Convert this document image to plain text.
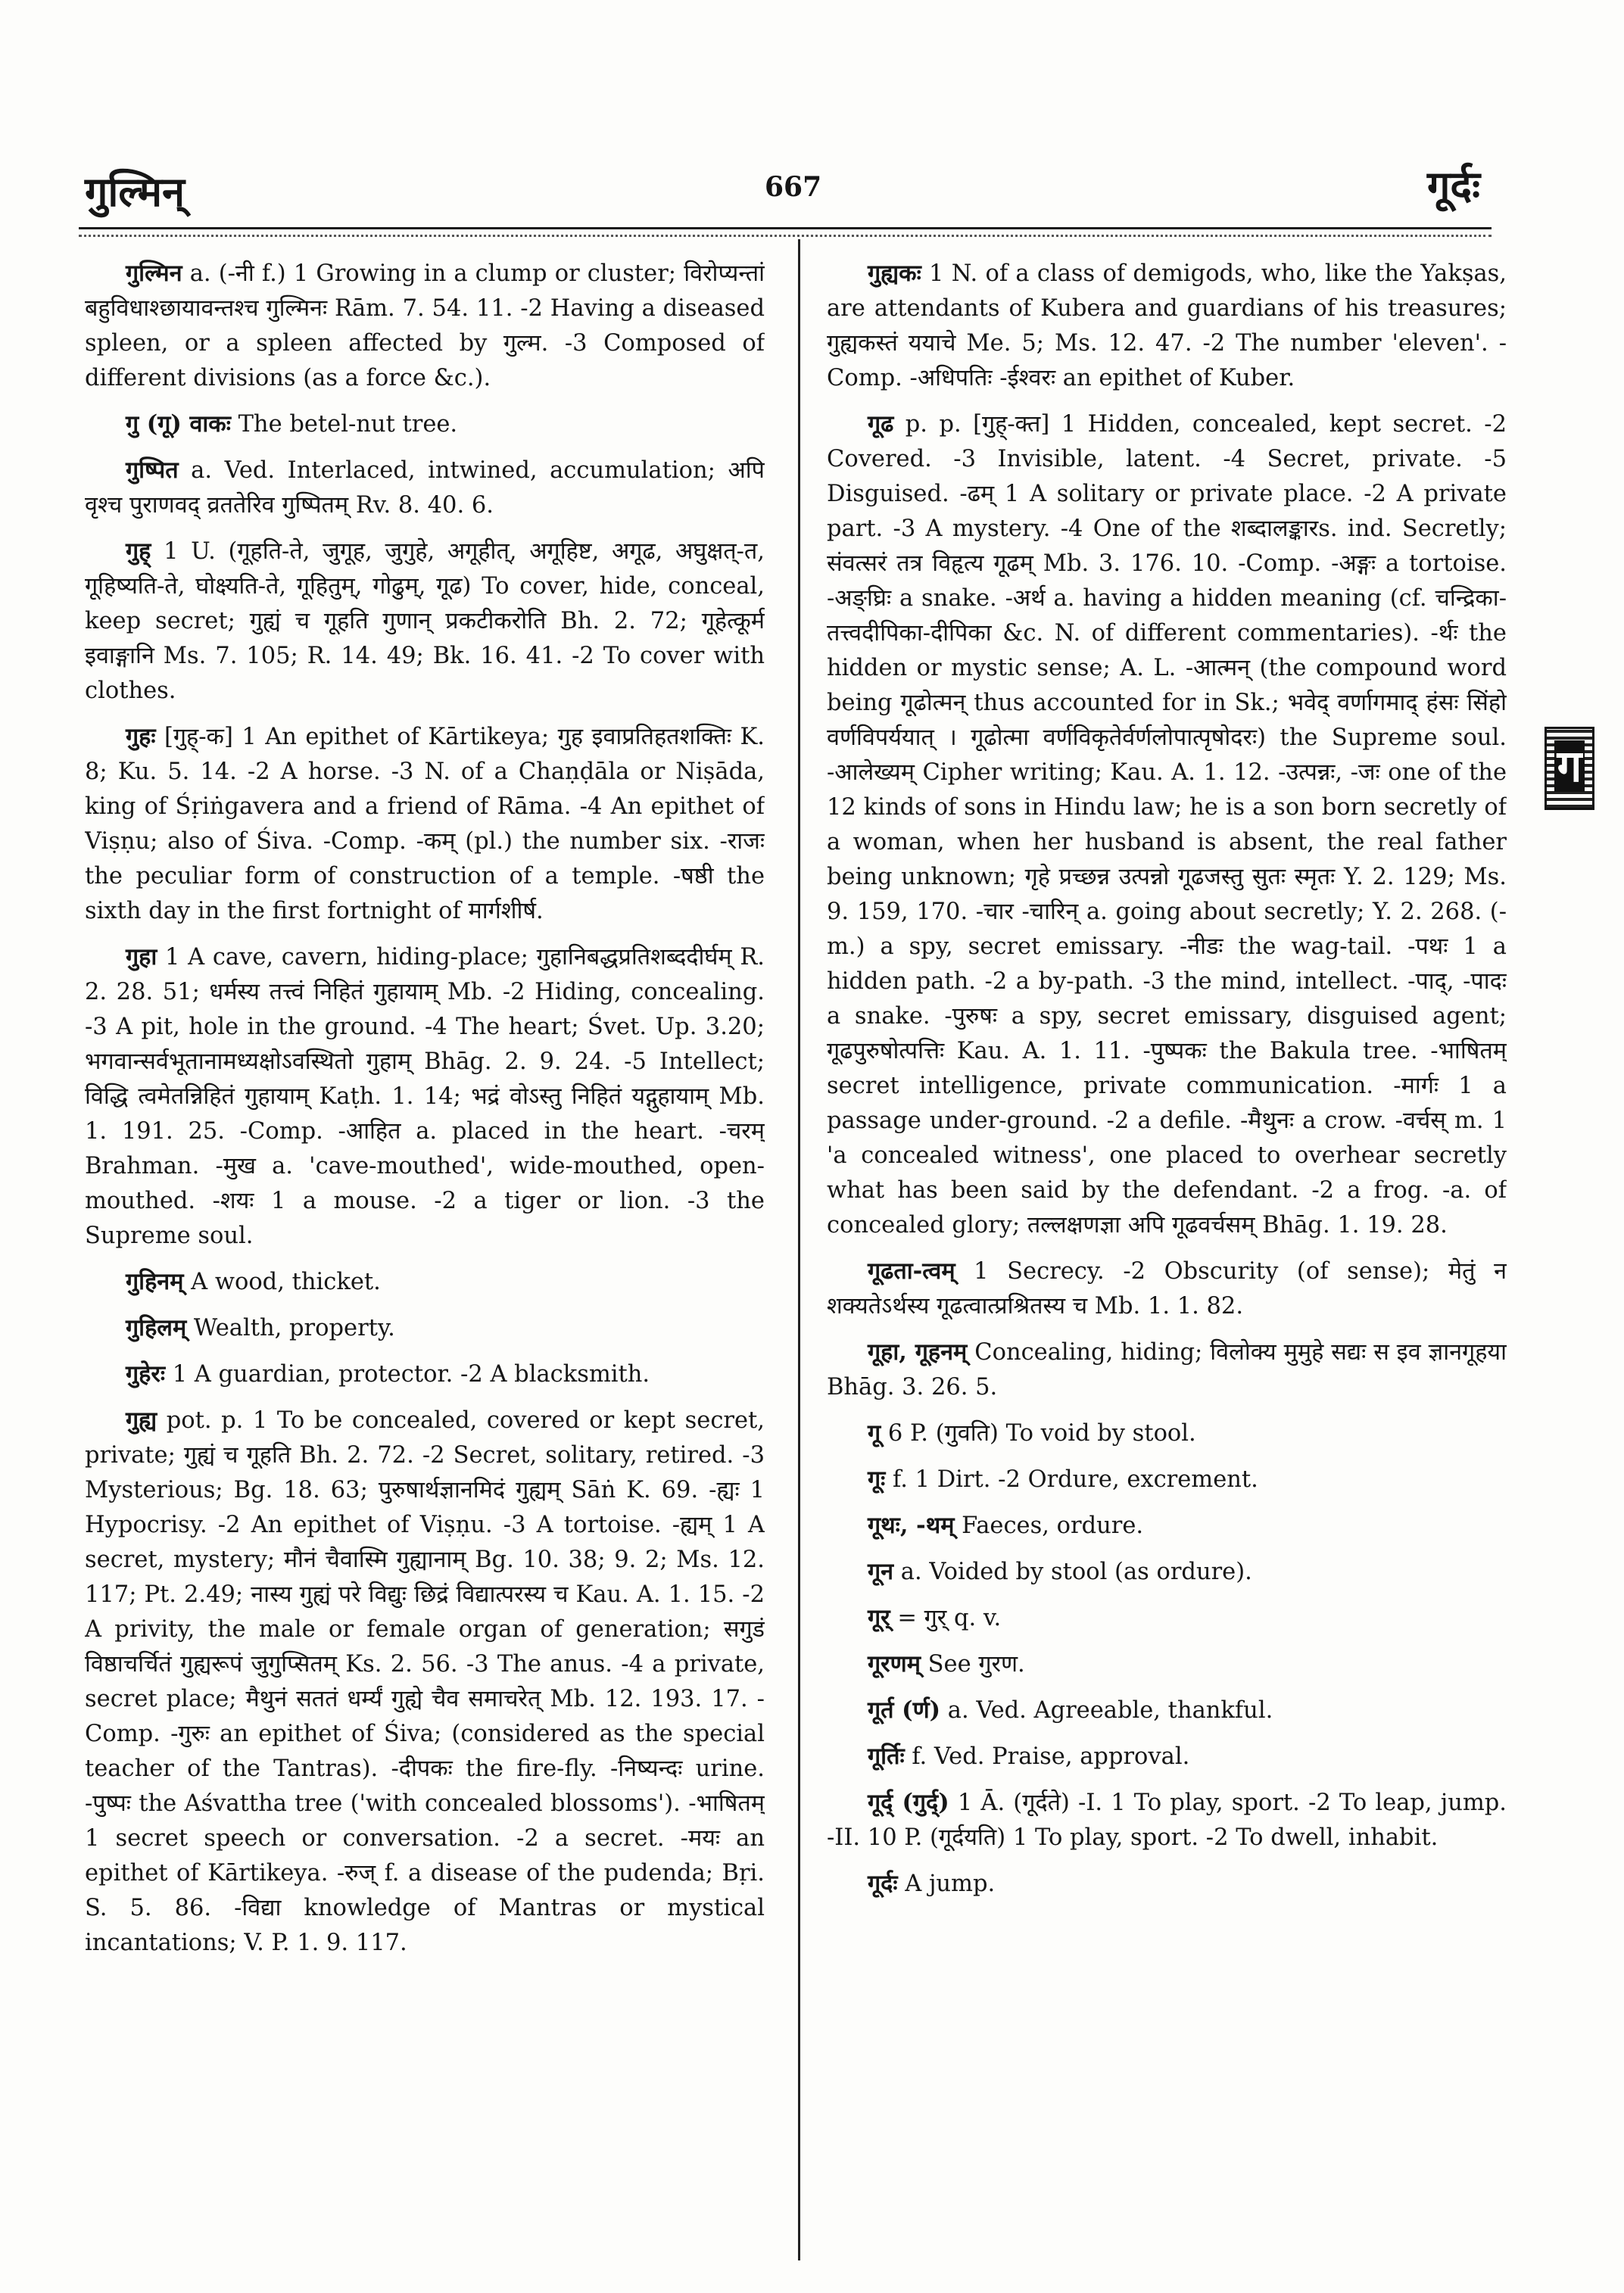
गुल्मिन्	667	गूर्दः

गुल्मिन a. (-नी f.) 1 Growing in a clump or cluster; विरोप्यन्तां बहुविधाश्छायावन्तश्च गुल्मिनः Rām. 7. 54. 11. -2 Having a diseased spleen, or a spleen affected by गुल्म. -3 Composed of different divisions (as a force &c.).

गु (गू) वाकः The betel-nut tree.

गुष्पित a. Ved. Interlaced, intwined, accumulation; अपि वृश्च पुराणवद् व्रततेरिव गुष्पितम् Rv. 8. 40. 6.

गुह् 1 U. (गूहति-ते, जुगूह, जुगुहे, अगूहीत्, अगूहिष्ट, अगूढ, अघुक्षत्-त, गूहिष्यति-ते, घोक्ष्यति-ते, गूहितुम्, गोढुम्, गूढ) To cover, hide, conceal, keep secret; गुह्यं च गूहति गुणान् प्रकटीकरोति Bh. 2. 72; गूहेत्कूर्म इवाङ्गानि Ms. 7. 105; R. 14. 49; Bk. 16. 41. -2 To cover with clothes.

गुहः [गुह्-क] 1 An epithet of Kārtikeya; गुह इवाप्रतिहतशक्तिः K. 8; Ku. 5. 14. -2 A horse. -3 N. of a Chaṇḍāla or Niṣāda, king of Śṛiṅgavera and a friend of Rāma. -4 An epithet of Viṣṇu; also of Śiva. -Comp. -कम् (pl.) the number six. -राजः the peculiar form of construction of a temple. -षष्ठी the sixth day in the first fortnight of मार्गशीर्ष.

गुहा 1 A cave, cavern, hiding-place; गुहानिबद्धप्रतिशब्ददीर्घम् R. 2. 28. 51; धर्मस्य तत्त्वं निहितं गुहायाम् Mb. -2 Hiding, concealing. -3 A pit, hole in the ground. -4 The heart; Śvet. Up. 3.20; भगवान्सर्वभूतानामध्यक्षोऽवस्थितो गुहाम् Bhāg. 2. 9. 24. -5 Intellect; विद्धि त्वमेतन्निहितं गुहायाम् Kaṭh. 1. 14; भद्रं वोऽस्तु निहितं यद्गुहायाम् Mb. 1. 191. 25. -Comp. -आहित a. placed in the heart. -चरम् Brahman. -मुख a. 'cave-mouthed', wide-mouthed, open-mouthed. -शयः 1 a mouse. -2 a tiger or lion. -3 the Supreme soul.

गुहिनम् A wood, thicket.

गुहिलम् Wealth, property.

गुहेरः 1 A guardian, protector. -2 A blacksmith.

गुह्य pot. p. 1 To be concealed, covered or kept secret, private; गुह्यं च गूहति Bh. 2. 72. -2 Secret, solitary, retired. -3 Mysterious; Bg. 18. 63; पुरुषार्थज्ञानमिदं गुह्यम् Sāṅ K. 69. -ह्यः 1 Hypocrisy. -2 An epithet of Viṣṇu. -3 A tortoise. -ह्यम् 1 A secret, mystery; मौनं चैवास्मि गुह्यानाम् Bg. 10. 38; 9. 2; Ms. 12. 117; Pt. 2.49; नास्य गुह्यं परे विद्युः छिद्रं विद्यात्परस्य च Kau. A. 1. 15. -2 A privity, the male or female organ of generation; सगुडं विष्ठाचर्चितं गुह्यरूपं जुगुप्सितम् Ks. 2. 56. -3 The anus. -4 a private, secret place; मैथुनं सततं धर्म्यं गुह्ये चैव समाचरेत् Mb. 12. 193. 17. -Comp. -गुरुः an epithet of Śiva; (considered as the special teacher of the Tantras). -दीपकः the fire-fly. -निष्यन्दः urine. -पुष्पः the Aśvattha tree ('with concealed blossoms'). -भाषितम् 1 secret speech or conversation. -2 a secret. -मयः an epithet of Kārtikeya. -रुज् f. a disease of the pudenda; Bṛi. S. 5. 86. -विद्या knowledge of Mantras or mystical incantations; V. P. 1. 9. 117.

गुह्यकः 1 N. of a class of demigods, who, like the Yakṣas, are attendants of Kubera and guardians of his treasures; गुह्यकस्तं ययाचे Me. 5; Ms. 12. 47. -2 The number 'eleven'. -Comp. -अधिपतिः -ईश्वरः an epithet of Kuber.

गूढ p. p. [गुह्-क्त] 1 Hidden, concealed, kept secret. -2 Covered. -3 Invisible, latent. -4 Secret, private. -5 Disguised. -ढम् 1 A solitary or private place. -2 A private part. -3 A mystery. -4 One of the शब्दालङ्कारs. ind. Secretly; संवत्सरं तत्र विहृत्य गूढम् Mb. 3. 176. 10. -Comp. -अङ्गः a tortoise. -अङ्घ्रिः a snake. -अर्थ a. having a hidden meaning (cf. चन्द्रिका-तत्त्वदीपिका-दीपिका &c. N. of different commentaries). -र्थः the hidden or mystic sense; A. L. -आत्मन् (the compound word being गूढोत्मन् thus accounted for in Sk.; भवेद् वर्णागमाद् हंसः सिंहो वर्णविपर्ययात् । गूढोत्मा वर्णविकृतेर्वर्णलोपात्पृषोदरः) the Supreme soul. -आलेख्यम् Cipher writing; Kau. A. 1. 12. -उत्पन्नः, -जः one of the 12 kinds of sons in Hindu law; he is a son born secretly of a woman, when her husband is absent, the real father being unknown; गृहे प्रच्छन्न उत्पन्नो गूढजस्तु सुतः स्मृतः Y. 2. 129; Ms. 9. 159, 170. -चार -चारिन् a. going about secretly; Y. 2. 268. (-m.) a spy, secret emissary. -नीडः the wag-tail. -पथः 1 a hidden path. -2 a by-path. -3 the mind, intellect. -पाद्, -पादः a snake. -पुरुषः a spy, secret emissary, disguised agent; गूढपुरुषोत्पत्तिः Kau. A. 1. 11. -पुष्पकः the Bakula tree. -भाषितम् secret intelligence, private communication. -मार्गः 1 a passage under-ground. -2 a defile. -मैथुनः a crow. -वर्चस् m. 1 'a concealed witness', one placed to overhear secretly what has been said by the defendant. -2 a frog. -a. of concealed glory; तल्लक्षणज्ञा अपि गूढवर्चसम् Bhāg. 1. 19. 28.

गूढता-त्वम् 1 Secrecy. -2 Obscurity (of sense); मेतुं न शक्यतेऽर्थस्य गूढत्वात्प्रश्रितस्य च Mb. 1. 1. 82.

गूहा, गूहनम् Concealing, hiding; विलोक्य मुमुहे सद्यः स इव ज्ञानगूहया Bhāg. 3. 26. 5.

गू 6 P. (गुवति) To void by stool.

गूः f. 1 Dirt. -2 Ordure, excrement.

गूथः, -थम् Faeces, ordure.

गून a. Voided by stool (as ordure).

गूर् = गुर् q. v.

गूरणम् See गुरण.

गूर्त (र्ण) a. Ved. Agreeable, thankful.

गूर्तिः f. Ved. Praise, approval.

गूर्द् (गुर्द्) 1 Ā. (गूर्दते) -I. 1 To play, sport. -2 To leap, jump. -II. 10 P. (गूर्दयति) 1 To play, sport. -2 To dwell, inhabit.

गूर्दः A jump.

ग
